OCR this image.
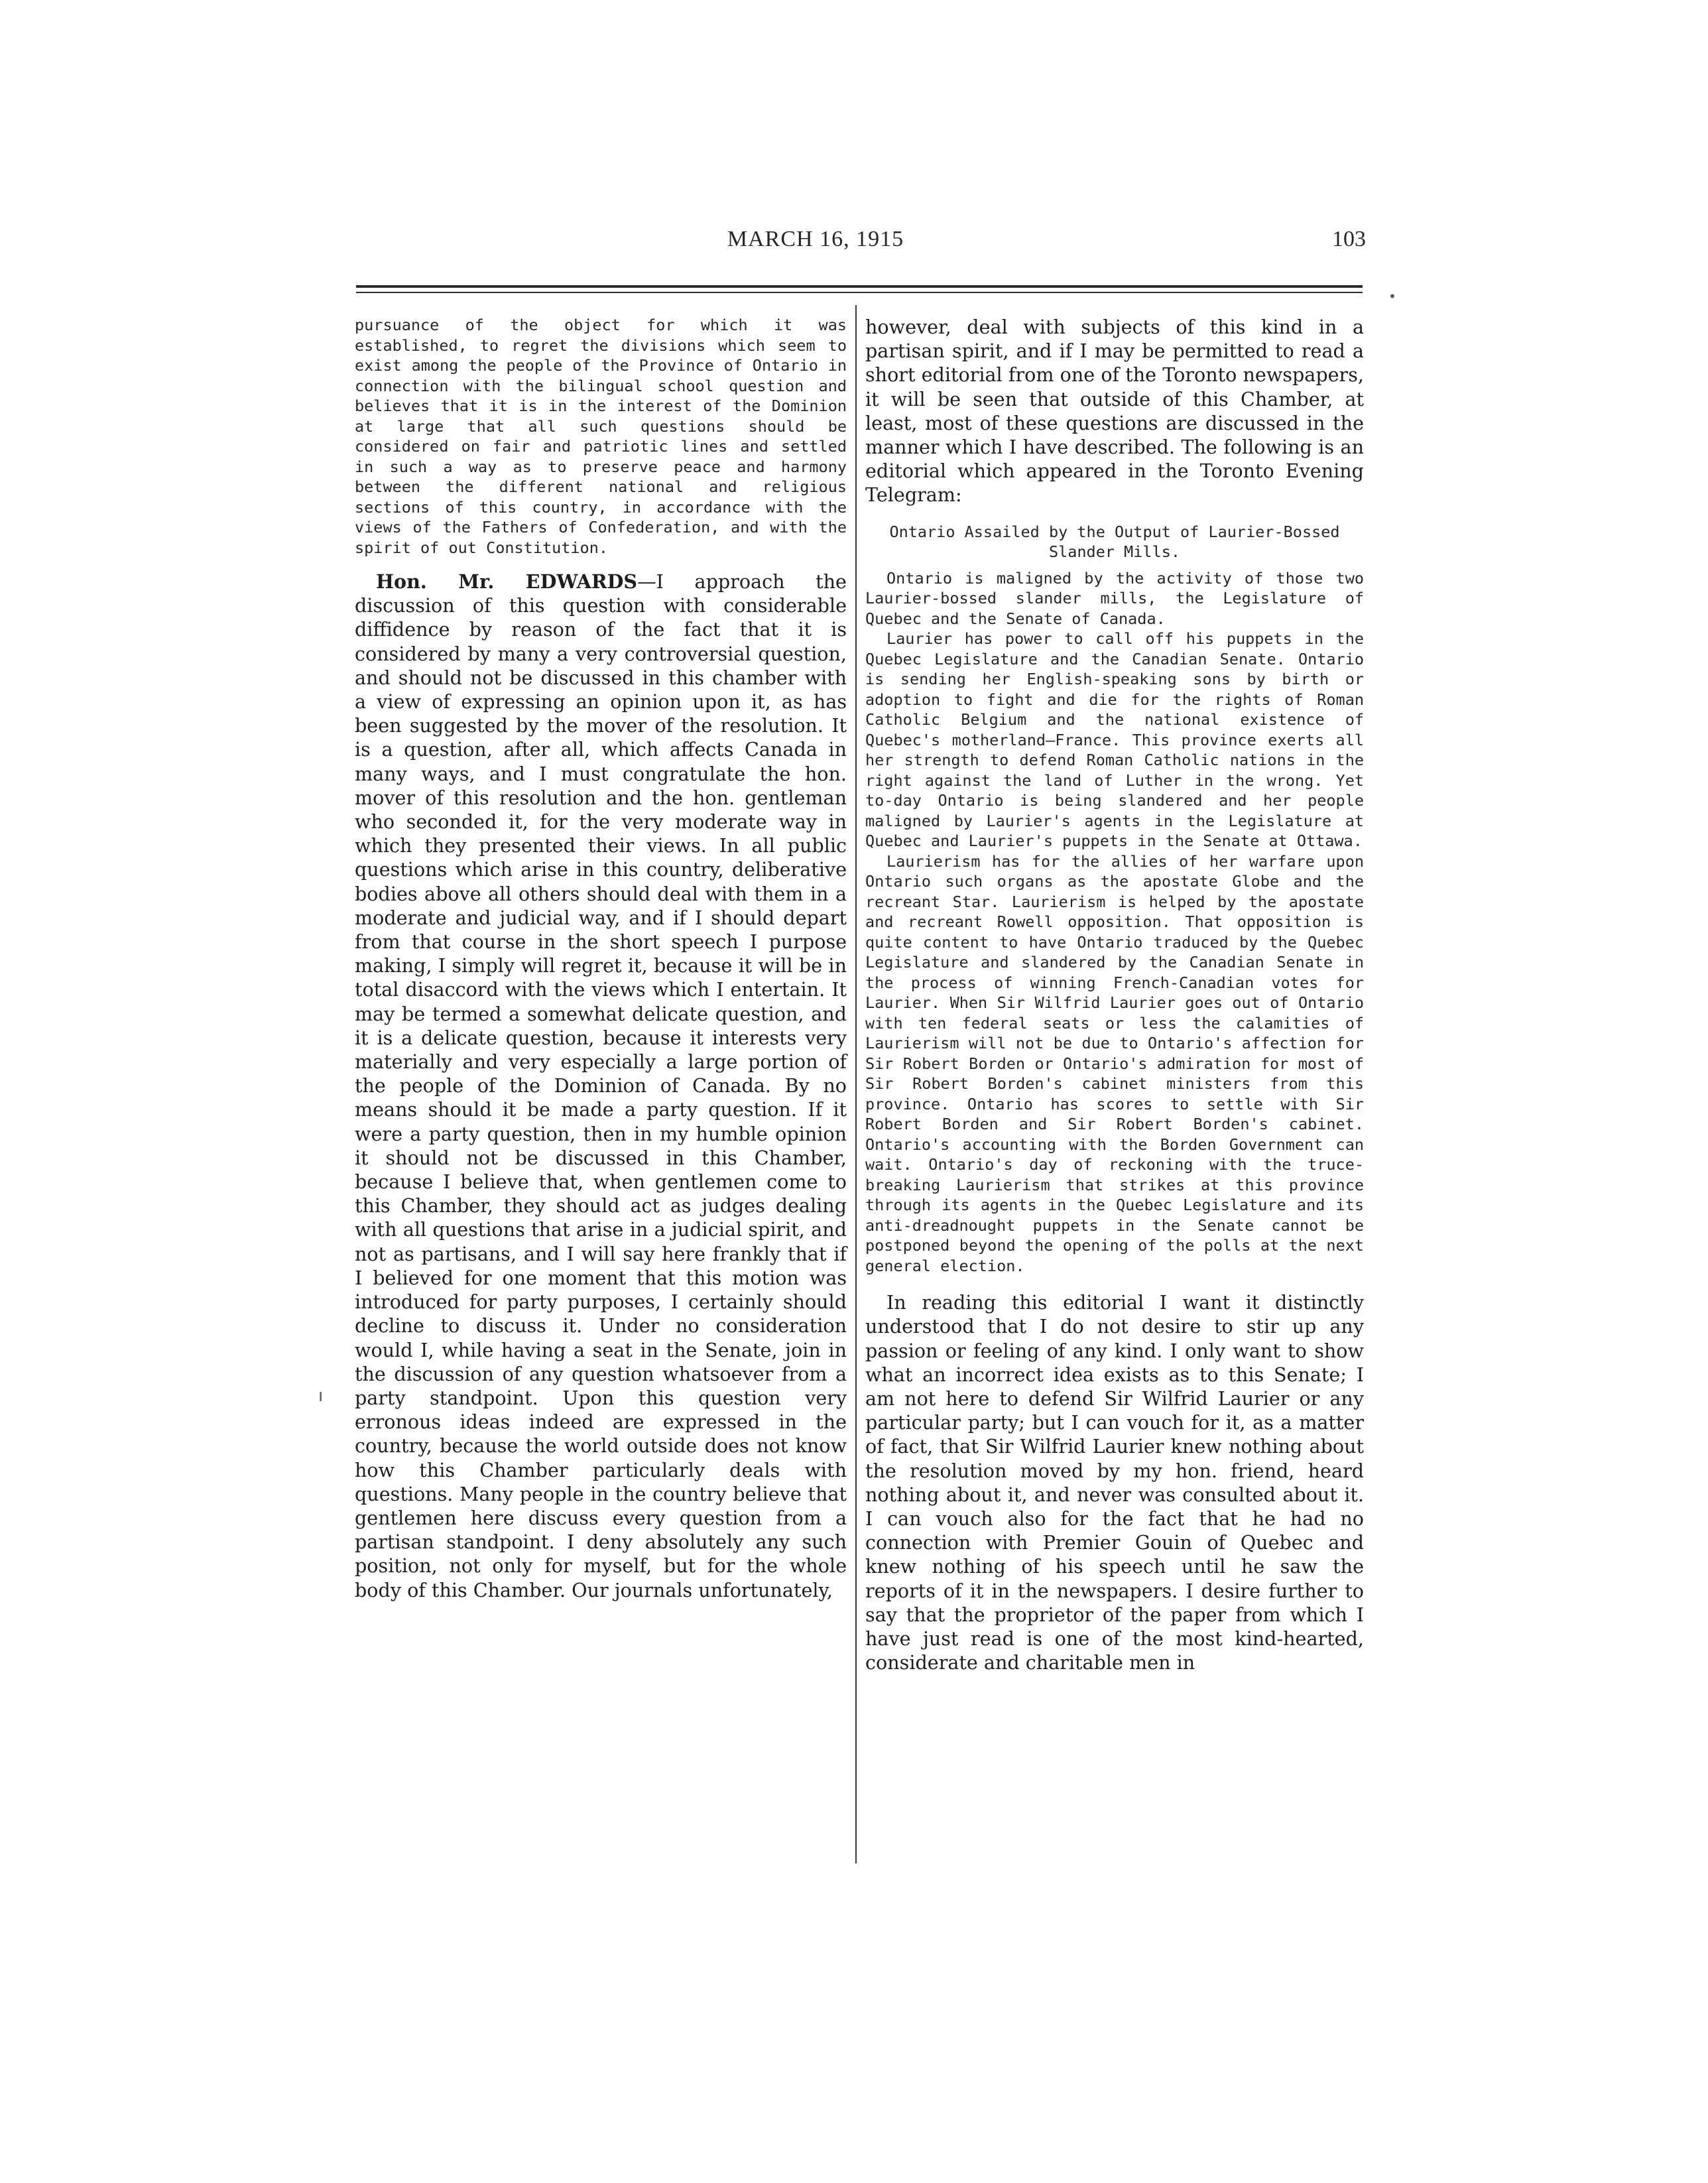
MARCH 16, 1915	103
•
ı

pursuance of the object for which it was established, to regret the divisions which seem to exist among the people of the Province of Ontario in connection with the bilingual school question and believes that it is in the interest of the Dominion at large that all such questions should be considered on fair and patriotic lines and settled in such a way as to preserve peace and harmony between the different national and religious sections of this country, in accordance with the views of the Fathers of Confederation, and with the spirit of out Constitution.

Hon. Mr. EDWARDS—I approach the discussion of this question with considerable diffidence by reason of the fact that it is considered by many a very controversial question, and should not be discussed in this chamber with a view of expressing an opinion upon it, as has been suggested by the mover of the resolution. It is a question, after all, which affects Canada in many ways, and I must congratulate the hon. mover of this resolution and the hon. gentleman who seconded it, for the very moderate way in which they presented their views. In all public questions which arise in this country, deliberative bodies above all others should deal with them in a moderate and judicial way, and if I should depart from that course in the short speech I purpose making, I simply will regret it, because it will be in total disaccord with the views which I entertain. It may be termed a somewhat delicate question, and it is a delicate question, because it interests very materially and very especially a large portion of the people of the Dominion of Canada. By no means should it be made a party question. If it were a party question, then in my humble opinion it should not be discussed in this Chamber, because I believe that, when gentlemen come to this Chamber, they should act as judges dealing with all questions that arise in a judicial spirit, and not as partisans, and I will say here frankly that if I believed for one moment that this motion was introduced for party purposes, I certainly should decline to discuss it. Under no consideration would I, while having a seat in the Senate, join in the discussion of any question whatsoever from a party standpoint. Upon this question very erronous ideas indeed are expressed in the country, because the world outside does not know how this Chamber particularly deals with questions. Many people in the country believe that gentlemen here discuss every question from a partisan standpoint. I deny absolutely any such position, not only for myself, but for the whole body of this Chamber. Our journals unfortunately,

however, deal with subjects of this kind in a partisan spirit, and if I may be permitted to read a short editorial from one of the Toronto newspapers, it will be seen that outside of this Chamber, at least, most of these questions are discussed in the manner which I have described. The following is an editorial which appeared in the Toronto Evening Telegram:

Ontario Assailed by the Output of Laurier-Bossed Slander Mills.

Ontario is maligned by the activity of those two Laurier-bossed slander mills, the Legislature of Quebec and the Senate of Canada.

Laurier has power to call off his puppets in the Quebec Legislature and the Canadian Senate. Ontario is sending her English-speaking sons by birth or adoption to fight and die for the rights of Roman Catholic Belgium and the national existence of Quebec's motherland—France. This province exerts all her strength to defend Roman Catholic nations in the right against the land of Luther in the wrong. Yet to-day Ontario is being slandered and her people maligned by Laurier's agents in the Legislature at Quebec and Laurier's puppets in the Senate at Ottawa.

Laurierism has for the allies of her warfare upon Ontario such organs as the apostate Globe and the recreant Star. Laurierism is helped by the apostate and recreant Rowell opposition. That opposition is quite content to have Ontario traduced by the Quebec Legislature and slandered by the Canadian Senate in the process of winning French-Canadian votes for Laurier. When Sir Wilfrid Laurier goes out of Ontario with ten federal seats or less the calamities of Laurierism will not be due to Ontario's affection for Sir Robert Borden or Ontario's admiration for most of Sir Robert Borden's cabinet ministers from this province. Ontario has scores to settle with Sir Robert Borden and Sir Robert Borden's cabinet. Ontario's accounting with the Borden Government can wait. Ontario's day of reckoning with the truce-breaking Laurierism that strikes at this province through its agents in the Quebec Legislature and its anti-dreadnought puppets in the Senate cannot be postponed beyond the opening of the polls at the next general election.

In reading this editorial I want it distinctly understood that I do not desire to stir up any passion or feeling of any kind. I only want to show what an incorrect idea exists as to this Senate; I am not here to defend Sir Wilfrid Laurier or any particular party; but I can vouch for it, as a matter of fact, that Sir Wilfrid Laurier knew nothing about the resolution moved by my hon. friend, heard nothing about it, and never was consulted about it. I can vouch also for the fact that he had no connection with Premier Gouin of Quebec and knew nothing of his speech until he saw the reports of it in the newspapers. I desire further to say that the proprietor of the paper from which I have just read is one of the most kind-hearted, considerate and charitable men in
